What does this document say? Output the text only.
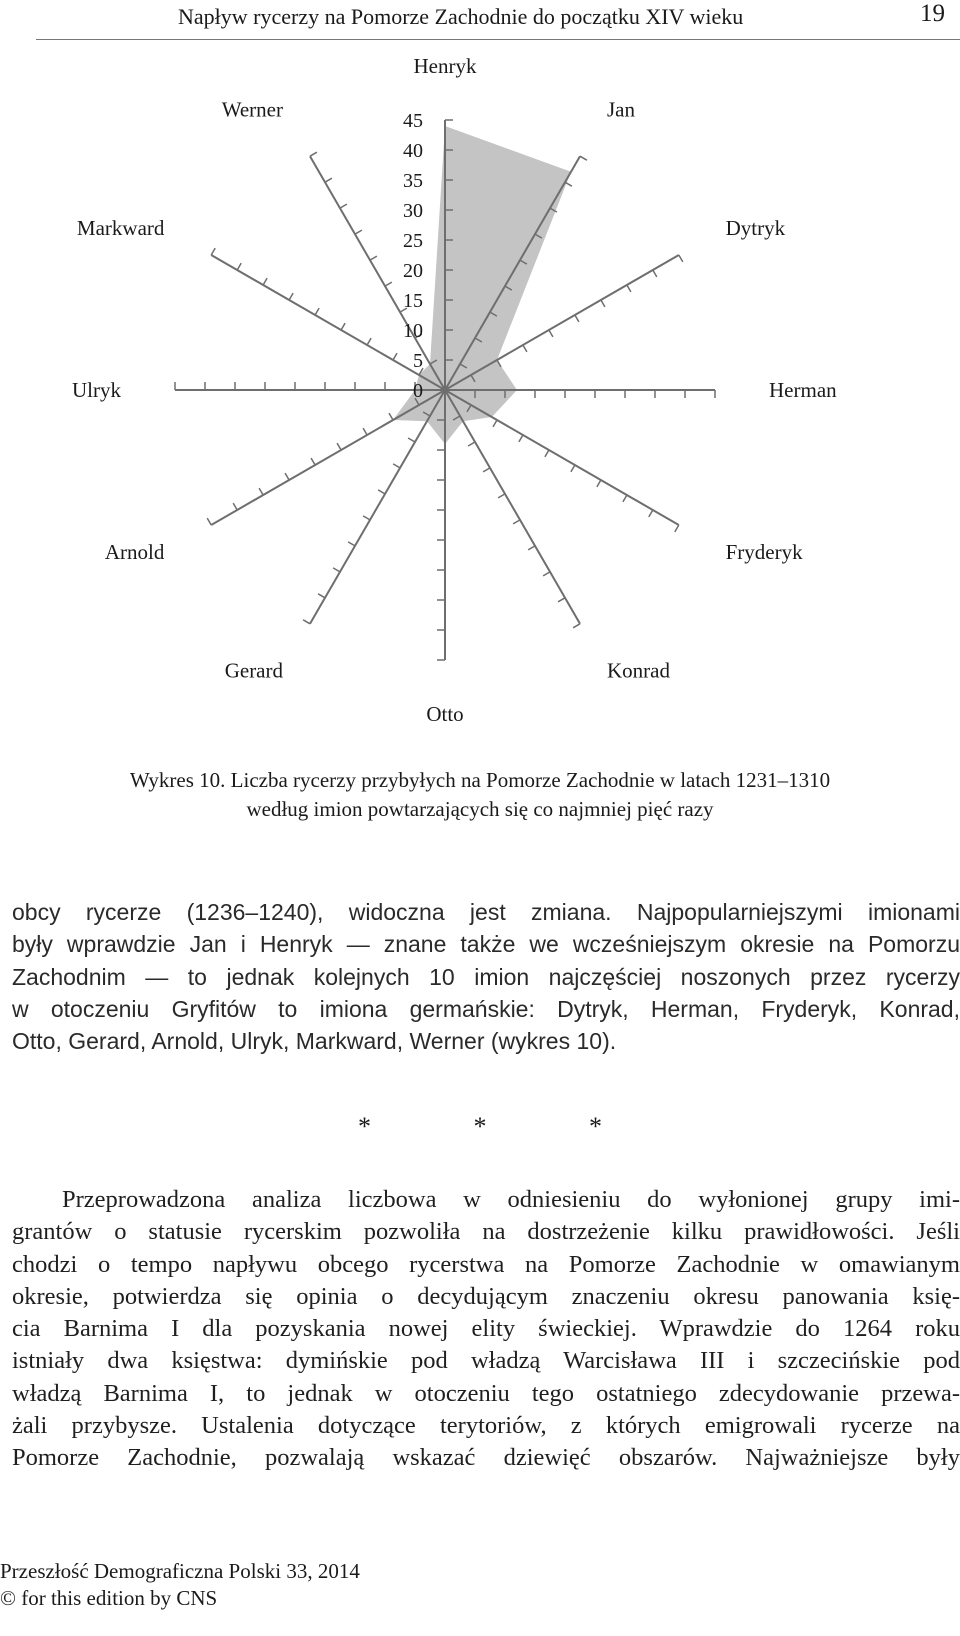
Napływ rycerzy na Pomorze Zachodnie do początku XIV wieku	19
Henryk
Jan
Dytryk
Herman
Fryderyk
Konrad
Otto
Gerard
Arnold
Ulryk
Markward
Werner
0
5
10
15
20
25
30
35
40
45
Wykres 10. Liczba rycerzy przybyłych na Pomorze Zachodnie w latach 1231–1310
według imion powtarzających się co najmniej pięć razy
obcy rycerze (1236–1240), widoczna jest zmiana. Najpopularniejszymi imionami
były wprawdzie Jan i Henryk — znane także we wcześniejszym okresie na Pomorzu
Zachodnim — to jednak kolejnych 10 imion najczęściej noszonych przez rycerzy
w otoczeniu Gryfitów to imiona germańskie: Dytryk, Herman, Fryderyk, Konrad,
Otto, Gerard, Arnold, Ulryk, Markward, Werner (wykres 10).
* * *
Przeprowadzona analiza liczbowa w odniesieniu do wyłonionej grupy imi-
grantów o statusie rycerskim pozwoliła na dostrzeżenie kilku prawidłowości. Jeśli
chodzi o tempo napływu obcego rycerstwa na Pomorze Zachodnie w omawianym
okresie, potwierdza się opinia o decydującym znaczeniu okresu panowania księ-
cia Barnima I dla pozyskania nowej elity świeckiej. Wprawdzie do 1264 roku
istniały dwa księstwa: dymińskie pod władzą Warcisława III i szczecińskie pod
władzą Barnima I, to jednak w otoczeniu tego ostatniego zdecydowanie przewa-
żali przybysze. Ustalenia dotyczące terytoriów, z których emigrowali rycerze na
Pomorze Zachodnie, pozwalają wskazać dziewięć obszarów. Najważniejsze były
Przeszłość Demograficzna Polski 33, 2014
© for this edition by CNS
